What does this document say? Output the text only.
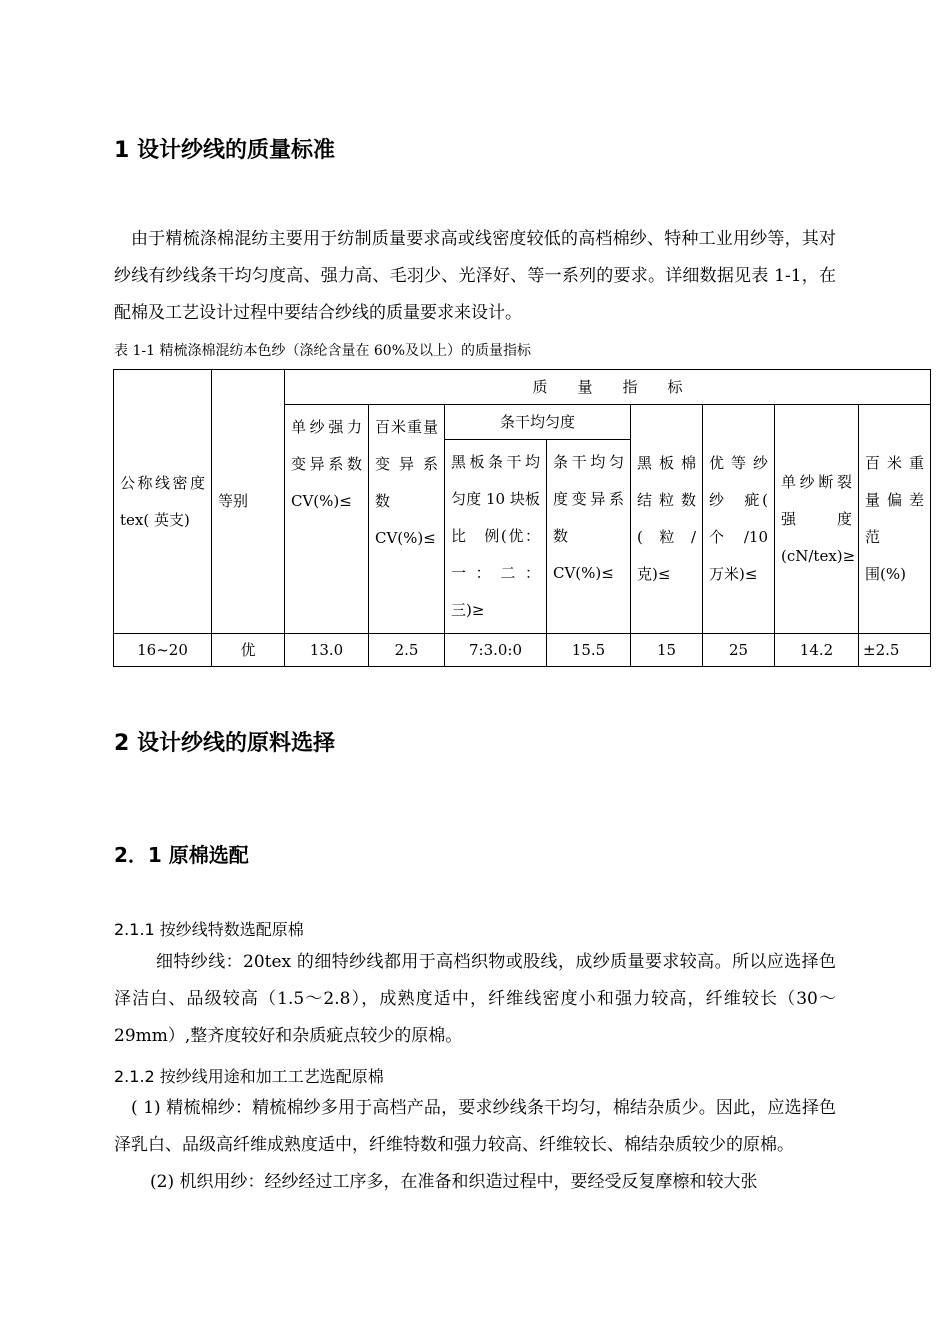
1 设计纱线的质量标准

由于精梳涤棉混纺主要用于纺制质量要求高或线密度较低的高档棉纱、特种工业用纱等，其对纱线有纱线条干均匀度高、强力高、毛羽少、光泽好、等一系列的要求。详细数据见表 1-1，在配棉及工艺设计过程中要结合纱线的质量要求来设计。

表 1-1 精梳涤棉混纺本色纱（涤纶含量在 60%及以上）的质量指标
公称线密度 tex( 英支)	等别	质　　量　　指　　标							
		单纱强力变异系数CV(%)≤	百米重量变异系　数CV(%)≤	条干均匀度		黑板棉结粒数(粒/克)≤	优等纱　纱　疵( 个 /10 万米)≤	单纱断裂　强　　度(cN/tex)≥	百米重量偏差　范　　围(%)
				黑板条干均匀度 10 块板　比　例(优：一：二：三)≥	条干均匀度变异系数CV(%)≤				
16~20	优	13.0	2.5	7:3.0:0	15.5	15	25	14.2	±2.5
2 设计纱线的原料选择
2．1 原棉选配
2.1.1 按纱线特数选配原棉

细特纱线：20tex 的细特纱线都用于高档织物或股线，成纱质量要求较高。所以应选择色泽洁白、品级较高（1.5～2.8），成熟度适中，纤维线密度小和强力较高，纤维较长（30～29mm）,整齐度较好和杂质疵点较少的原棉。

2.1.2 按纱线用途和加工工艺选配原棉

( 1) 精梳棉纱：精梳棉纱多用于高档产品，要求纱线条干均匀，棉结杂质少。因此，应选择色泽乳白、品级高纤维成熟度适中，纤维特数和强力较高、纤维较长、棉结杂质较少的原棉。

(2) 机织用纱：经纱经过工序多，在准备和织造过程中，要经受反复摩檫和较大张
